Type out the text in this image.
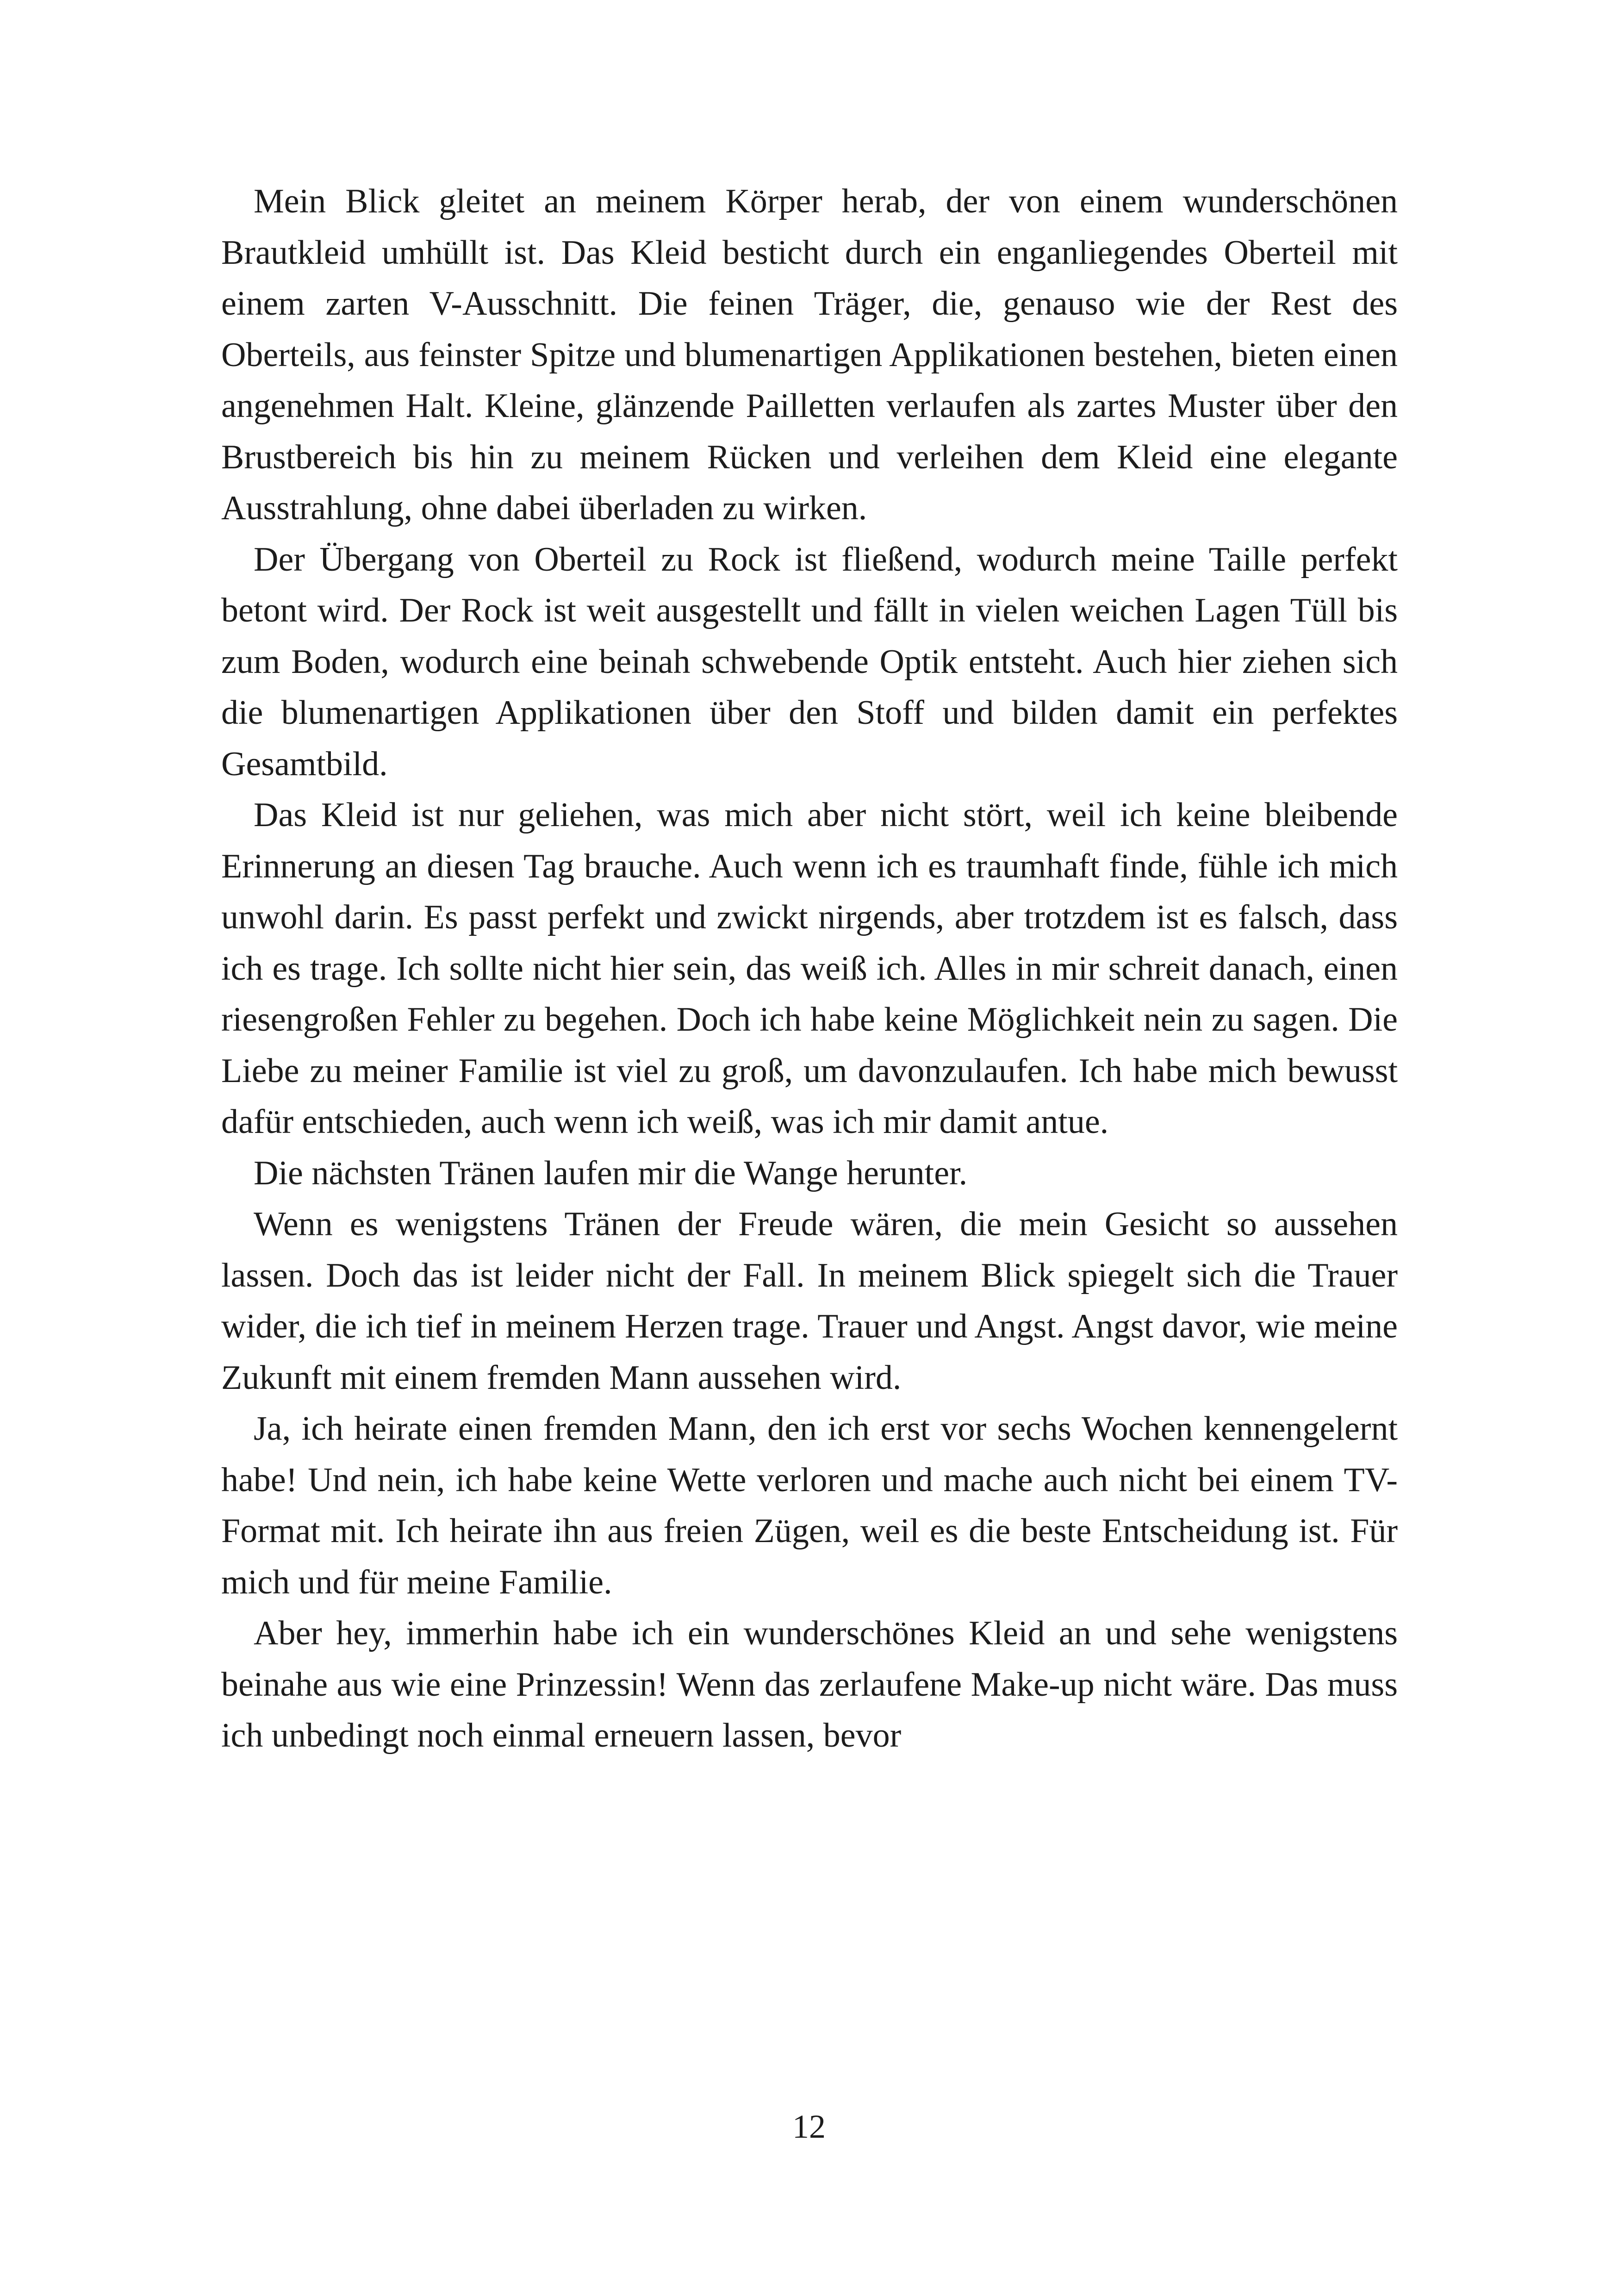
Mein Blick gleitet an meinem Körper herab, der von einem wunderschönen Brautkleid umhüllt ist. Das Kleid besticht durch ein enganliegendes Oberteil mit einem zarten V-Ausschnitt. Die feinen Träger, die, genauso wie der Rest des Oberteils, aus feinster Spitze und blumenartigen Applikationen bestehen, bieten einen angenehmen Halt. Kleine, glänzende Pailletten verlaufen als zartes Muster über den Brustbereich bis hin zu meinem Rücken und verleihen dem Kleid eine elegante Ausstrahlung, ohne dabei überladen zu wirken.

Der Übergang von Oberteil zu Rock ist fließend, wodurch meine Taille perfekt betont wird. Der Rock ist weit ausgestellt und fällt in vielen weichen Lagen Tüll bis zum Boden, wodurch eine beinah schwebende Optik entsteht. Auch hier ziehen sich die blumenartigen Applikationen über den Stoff und bilden damit ein perfektes Gesamtbild.

Das Kleid ist nur geliehen, was mich aber nicht stört, weil ich keine bleibende Erinnerung an diesen Tag brauche. Auch wenn ich es traumhaft finde, fühle ich mich unwohl darin. Es passt perfekt und zwickt nirgends, aber trotzdem ist es falsch, dass ich es trage. Ich sollte nicht hier sein, das weiß ich. Alles in mir schreit danach, einen riesengroßen Fehler zu begehen. Doch ich habe keine Möglichkeit nein zu sagen. Die Liebe zu meiner Familie ist viel zu groß, um davonzulaufen. Ich habe mich bewusst dafür entschieden, auch wenn ich weiß, was ich mir damit antue.

Die nächsten Tränen laufen mir die Wange herunter.

Wenn es wenigstens Tränen der Freude wären, die mein Gesicht so aussehen lassen. Doch das ist leider nicht der Fall. In meinem Blick spiegelt sich die Trauer wider, die ich tief in meinem Herzen trage. Trauer und Angst. Angst davor, wie meine Zukunft mit einem fremden Mann aussehen wird.

Ja, ich heirate einen fremden Mann, den ich erst vor sechs Wochen kennengelernt habe! Und nein, ich habe keine Wette verloren und mache auch nicht bei einem TV-Format mit. Ich heirate ihn aus freien Zügen, weil es die beste Entscheidung ist. Für mich und für meine Familie.

Aber hey, immerhin habe ich ein wunderschönes Kleid an und sehe wenigstens beinahe aus wie eine Prinzessin! Wenn das zerlaufene Make-up nicht wäre. Das muss ich unbedingt noch einmal erneuern lassen, bevor

12
